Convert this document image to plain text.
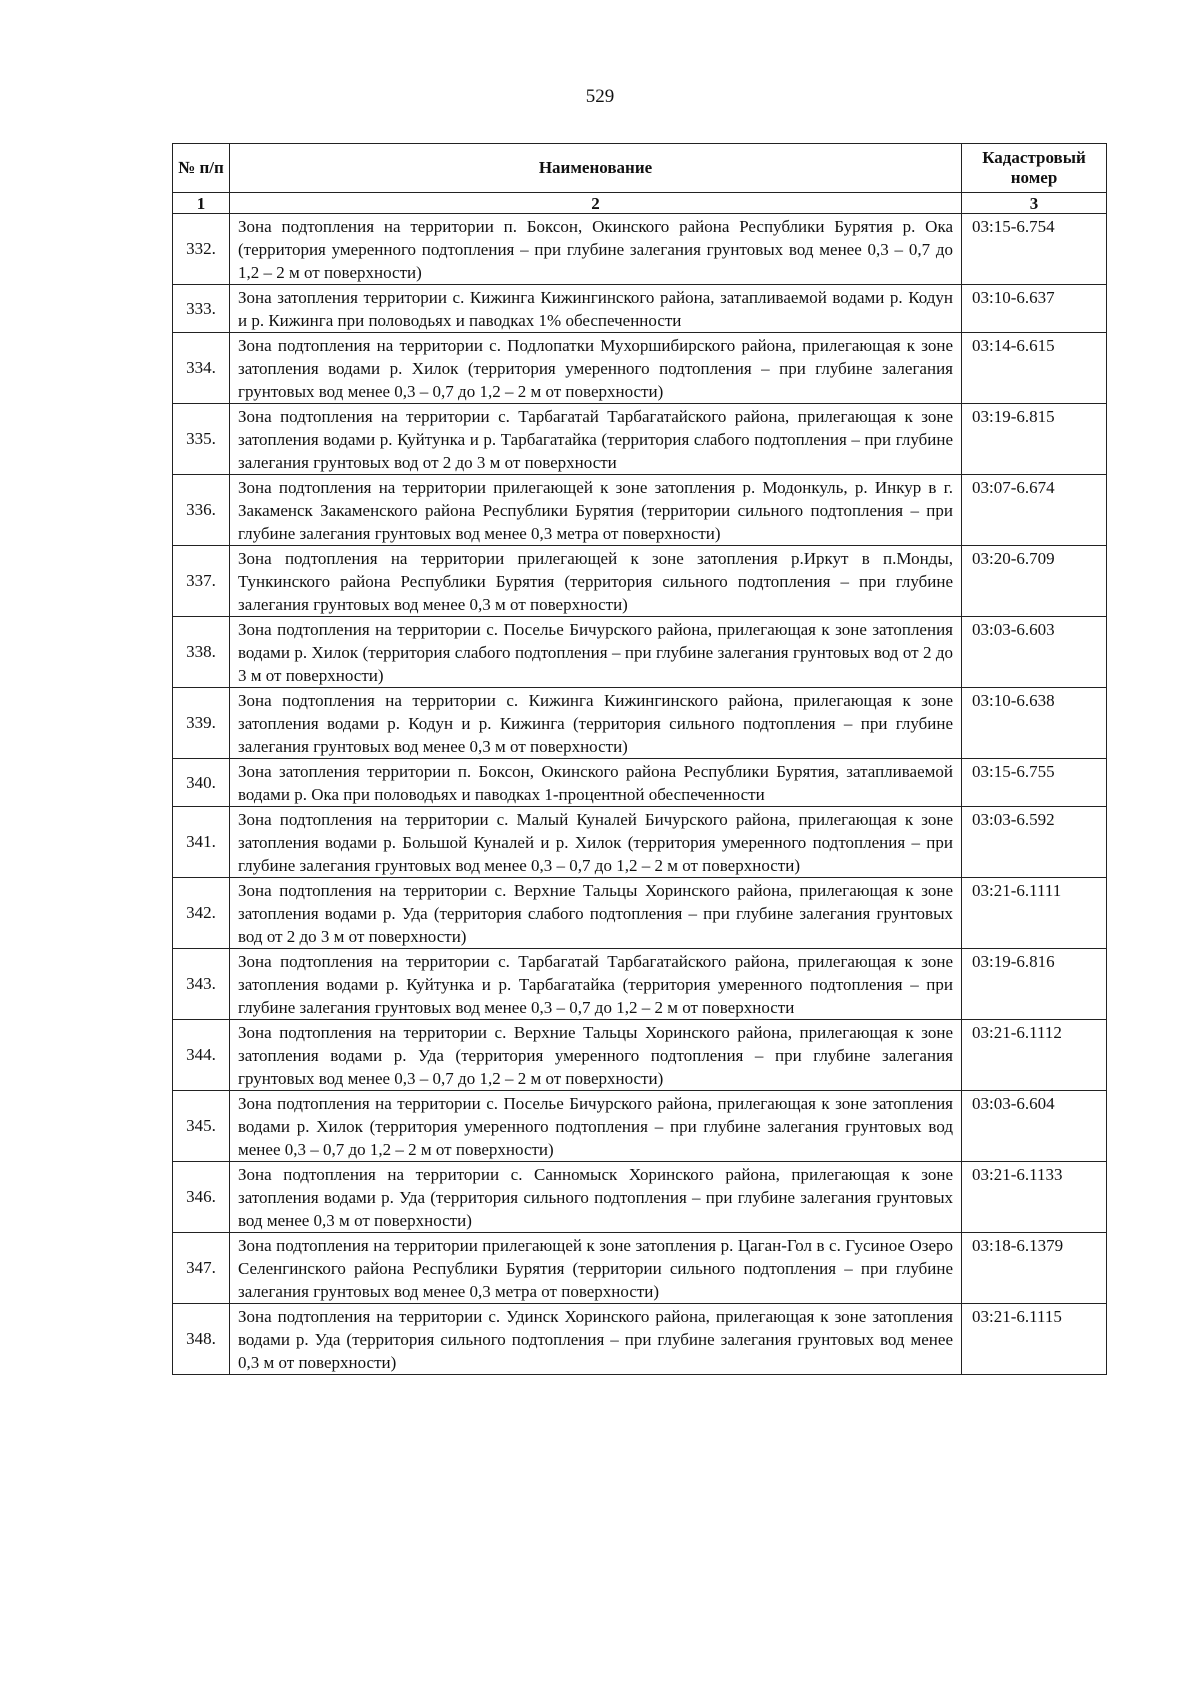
529
№ п/п	Наименование	Кадастровый номер
1	2	3
332.	Зона подтопления на территории п. Боксон, Окинского района Республики Бурятия р. Ока (территория умеренного подтопления – при глубине залегания грунтовых вод менее 0,3 – 0,7 до 1,2 – 2 м от поверхности)	03:15-6.754
333.	Зона затопления территории с. Кижинга Кижингинского района, затапливаемой водами р. Кодун и р. Кижинга при половодьях и паводках 1% обеспеченности	03:10-6.637
334.	Зона подтопления на территории с. Подлопатки Мухоршибирского района, прилегающая к зоне затопления водами р. Хилок (территория умеренного подтопления – при глубине залегания грунтовых вод менее 0,3 – 0,7 до 1,2 – 2 м от поверхности)	03:14-6.615
335.	Зона подтопления на территории с. Тарбагатай Тарбагатайского района, прилегающая к зоне затопления водами р. Куйтунка и р. Тарбагатайка (территория слабого подтопления – при глубине залегания грунтовых вод от 2 до 3 м от поверхности	03:19-6.815
336.	Зона подтопления на территории прилегающей к зоне затопления р. Модонкуль, р. Инкур в г. Закаменск Закаменского района Республики Бурятия (территории сильного подтопления – при глубине залегания грунтовых вод менее 0,3 метра от поверхности)	03:07-6.674
337.	Зона подтопления на территории прилегающей к зоне затопления р.Иркут в п.Монды, Тункинского района Республики Бурятия (территория сильного подтопления – при глубине залегания грунтовых вод менее 0,3 м от поверхности)	03:20-6.709
338.	Зона подтопления на территории с. Поселье Бичурского района, прилегающая к зоне затопления водами р. Хилок (территория слабого подтопления – при глубине залегания грунтовых вод от 2 до 3 м от поверхности)	03:03-6.603
339.	Зона подтопления на территории с. Кижинга Кижингинского района, прилегающая к зоне затопления водами р. Кодун и р. Кижинга (территория сильного подтопления – при глубине залегания грунтовых вод менее 0,3 м от поверхности)	03:10-6.638
340.	Зона затопления территории п. Боксон, Окинского района Республики Бурятия, затапливаемой водами р. Ока при половодьях и паводках 1-процентной обеспеченности	03:15-6.755
341.	Зона подтопления на территории с. Малый Куналей Бичурского района, прилегающая к зоне затопления водами р. Большой Куналей и р. Хилок (территория умеренного подтопления – при глубине залегания грунтовых вод менее 0,3 – 0,7 до 1,2 – 2 м от поверхности)	03:03-6.592
342.	Зона подтопления на территории с. Верхние Тальцы Хоринского района, прилегающая к зоне затопления водами р. Уда (территория слабого подтопления – при глубине залегания грунтовых вод от 2 до 3 м от поверхности)	03:21-6.1111
343.	Зона подтопления на территории с. Тарбагатай Тарбагатайского района, прилегающая к зоне затопления водами р. Куйтунка и р. Тарбагатайка (территория умеренного подтопления – при глубине залегания грунтовых вод менее 0,3 – 0,7 до 1,2 – 2 м от поверхности	03:19-6.816
344.	Зона подтопления на территории с. Верхние Тальцы Хоринского района, прилегающая к зоне затопления водами р. Уда (территория умеренного подтопления – при глубине залегания грунтовых вод менее 0,3 – 0,7 до 1,2 – 2 м от поверхности)	03:21-6.1112
345.	Зона подтопления на территории с. Поселье Бичурского района, прилегающая к зоне затопления водами р. Хилок (территория умеренного подтопления – при глубине залегания грунтовых вод менее 0,3 – 0,7 до 1,2 – 2 м от поверхности)	03:03-6.604
346.	Зона подтопления на территории с. Санномыск Хоринского района, прилегающая к зоне затопления водами р. Уда (территория сильного подтопления – при глубине залегания грунтовых вод менее 0,3 м от поверхности)	03:21-6.1133
347.	Зона подтопления на территории прилегающей к зоне затопления р. Цаган-Гол в с. Гусиное Озеро Селенгинского района Республики Бурятия (территории сильного подтопления – при глубине залегания грунтовых вод менее 0,3 метра от поверхности)	03:18-6.1379
348.	Зона подтопления на территории с. Удинск Хоринского района, прилегающая к зоне затопления водами р. Уда (территория сильного подтопления – при глубине залегания грунтовых вод менее 0,3 м от поверхности)	03:21-6.1115
